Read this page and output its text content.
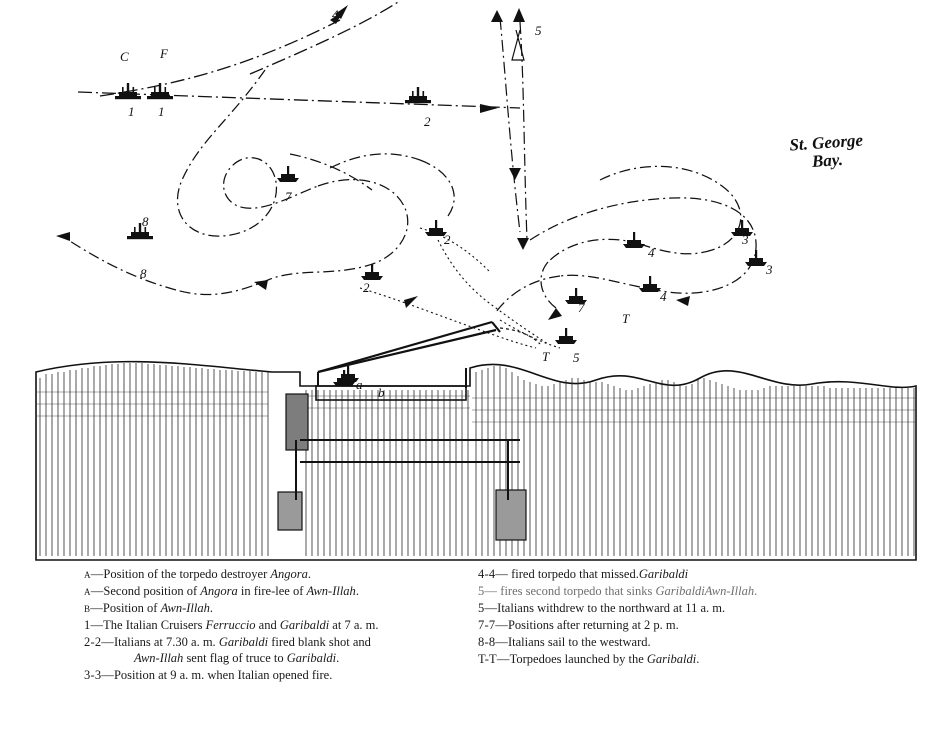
St. George
Bay.
C F
1 1
4
5
2
7
8
8
2
2
4
3
3
7
4
T
T 5
a a
b
a—Position of the torpedo destroyer Angora.
a—Second position of Angora in fire-lee of Awn-Illah.
b—Position of Awn-Illah.
1—The Italian Cruisers Ferruccio and Garibaldi at 7 a. m.
2-2—Italians at 7.30 a. m. Garibaldi fired blank shot and
Awn-Illah sent flag of truce to Garibaldi.
3-3—Position at 9 a. m. when Italian opened fire.
4-4— fired torpedo that missed.Garibaldi
5— fires second torpedo that sinks GaribaldiAwn-Illah.
5—Italians withdrew to the northward at 11 a. m.
7-7—Positions after returning at 2 p. m.
8-8—Italians sail to the westward.
T-T—Torpedoes launched by the Garibaldi.
